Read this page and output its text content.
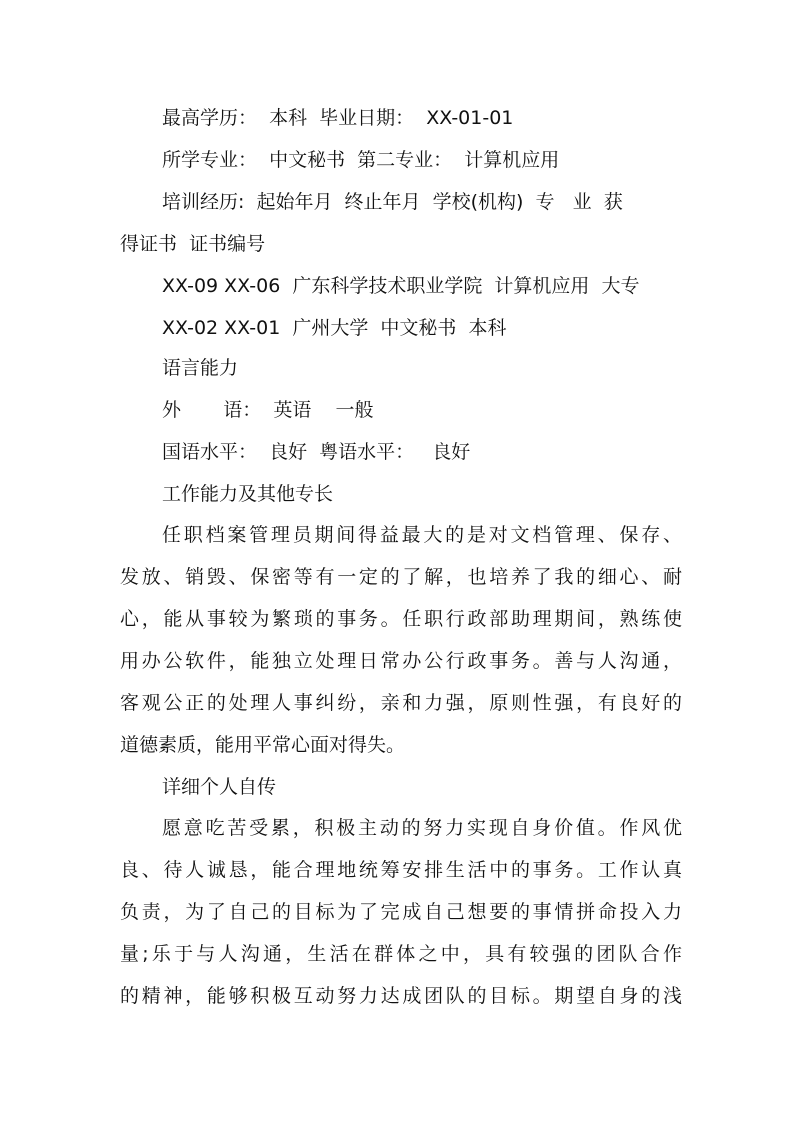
最高学历：  本科  毕业日期：  XX-01-01
所学专业：  中文秘书  第二专业：  计算机应用
培训经历:  起始年月  终止年月  学校(机构)  专   业  获
得证书  证书编号
XX-09 XX-06  广东科学技术职业学院  计算机应用  大专
XX-02 XX-01  广州大学  中文秘书  本科
语言能力
外       语：  英语    一般
国语水平：  良好  粤语水平：   良好
工作能力及其他专长
任职档案管理员期间得益最大的是对文档管理、保存、
发放、销毁、保密等有一定的了解，也培养了我的细心、耐
心，能从事较为繁琐的事务。任职行政部助理期间，熟练使
用办公软件，能独立处理日常办公行政事务。善与人沟通，
客观公正的处理人事纠纷，亲和力强，原则性强，有良好的
道德素质，能用平常心面对得失。
详细个人自传
愿意吃苦受累，积极主动的努力实现自身价值。作风优
良、待人诚恳，能合理地统筹安排生活中的事务。工作认真
负责，为了自己的目标为了完成自己想要的事情拼命投入力
量;乐于与人沟通，生活在群体之中，具有较强的团队合作
的精神，能够积极互动努力达成团队的目标。期望自身的浅
